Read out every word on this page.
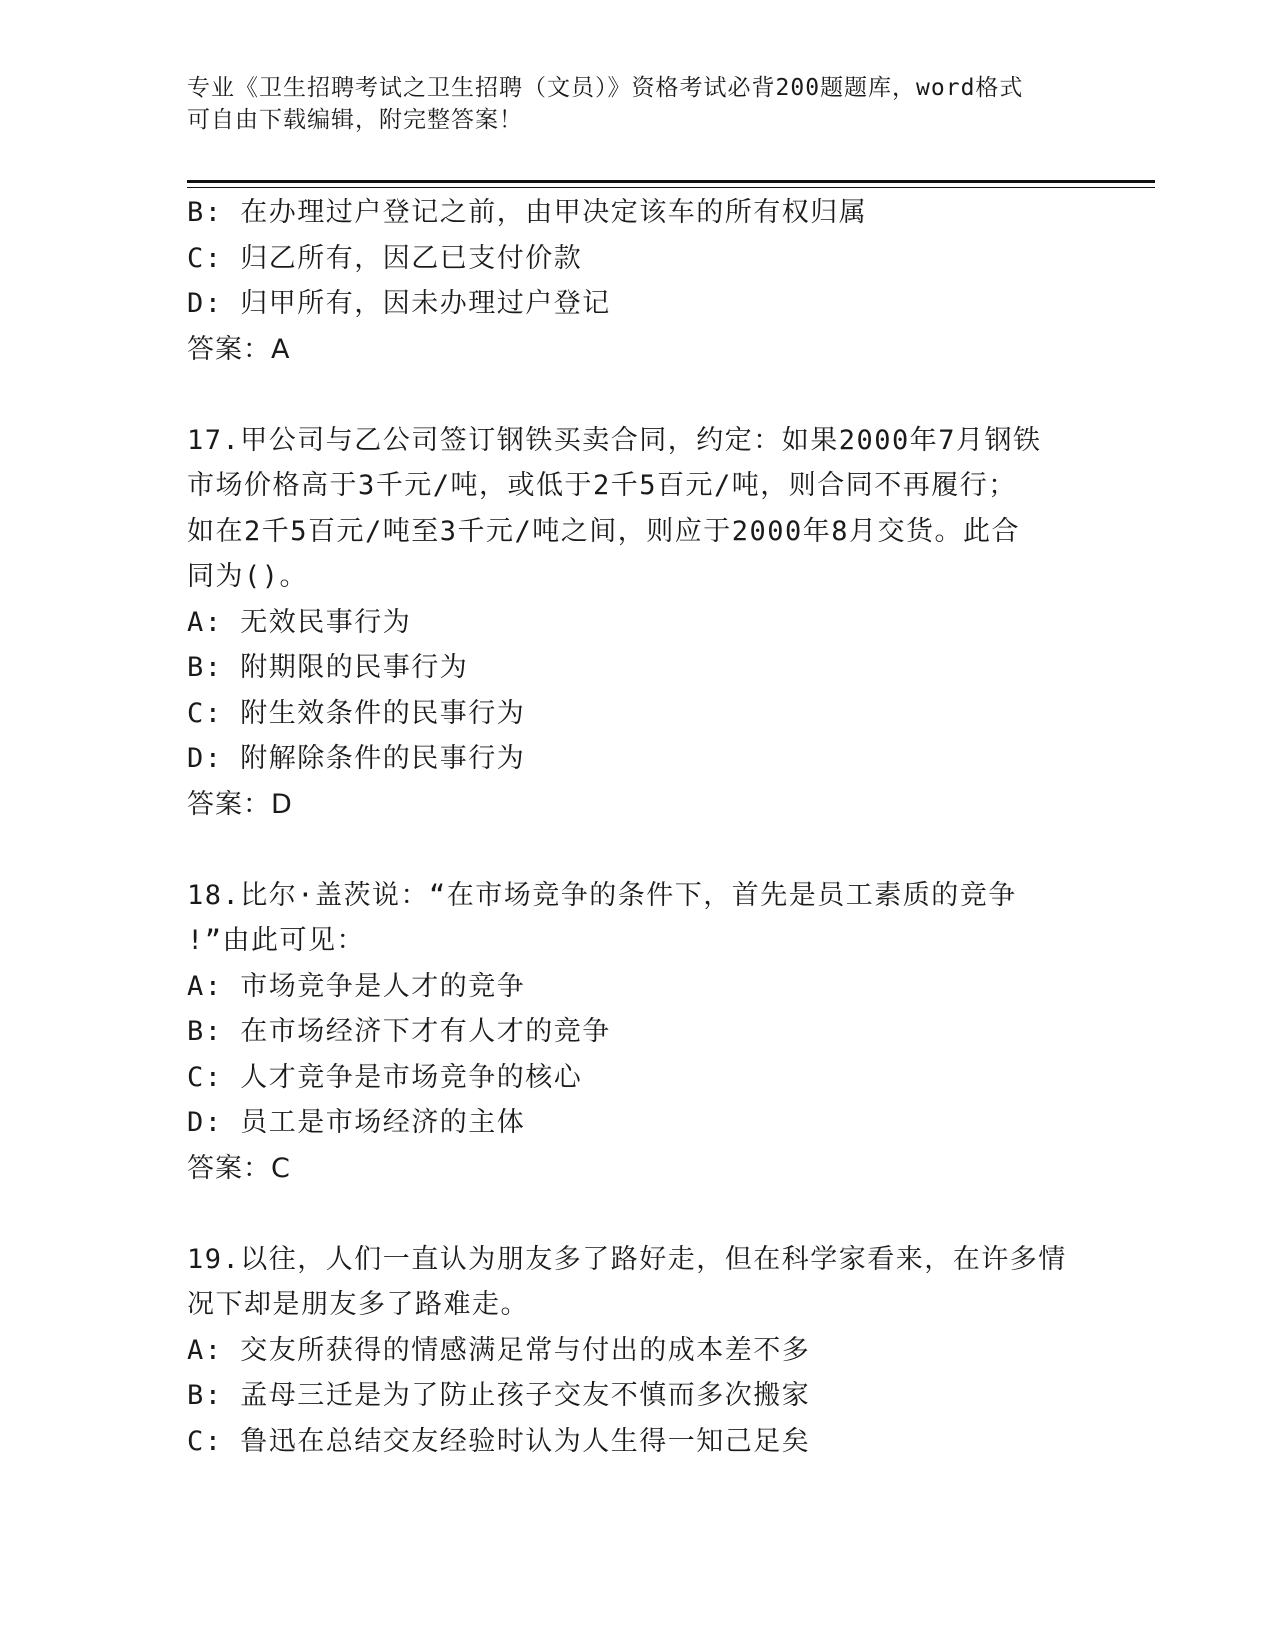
专业《卫生招聘考试之卫生招聘（文员）》资格考试必背200题题库，word格式
可自由下载编辑，附完整答案！
B: 在办理过户登记之前，由甲决定该车的所有权归属
C: 归乙所有，因乙已支付价款
D: 归甲所有，因未办理过户登记
答案：A
17.甲公司与乙公司签订钢铁买卖合同，约定：如果2000年7月钢铁
市场价格高于3千元/吨，或低于2千5百元/吨，则合同不再履行；
如在2千5百元/吨至3千元/吨之间，则应于2000年8月交货。此合
同为()。
A: 无效民事行为
B: 附期限的民事行为
C: 附生效条件的民事行为
D: 附解除条件的民事行为
答案：D
18.比尔·盖茨说：“在市场竞争的条件下，首先是员工素质的竞争
!”由此可见：
A: 市场竞争是人才的竞争
B: 在市场经济下才有人才的竞争
C: 人才竞争是市场竞争的核心
D: 员工是市场经济的主体
答案：C
19.以往，人们一直认为朋友多了路好走，但在科学家看来，在许多情
况下却是朋友多了路难走。
A: 交友所获得的情感满足常与付出的成本差不多
B: 孟母三迁是为了防止孩子交友不慎而多次搬家
C: 鲁迅在总结交友经验时认为人生得一知己足矣
